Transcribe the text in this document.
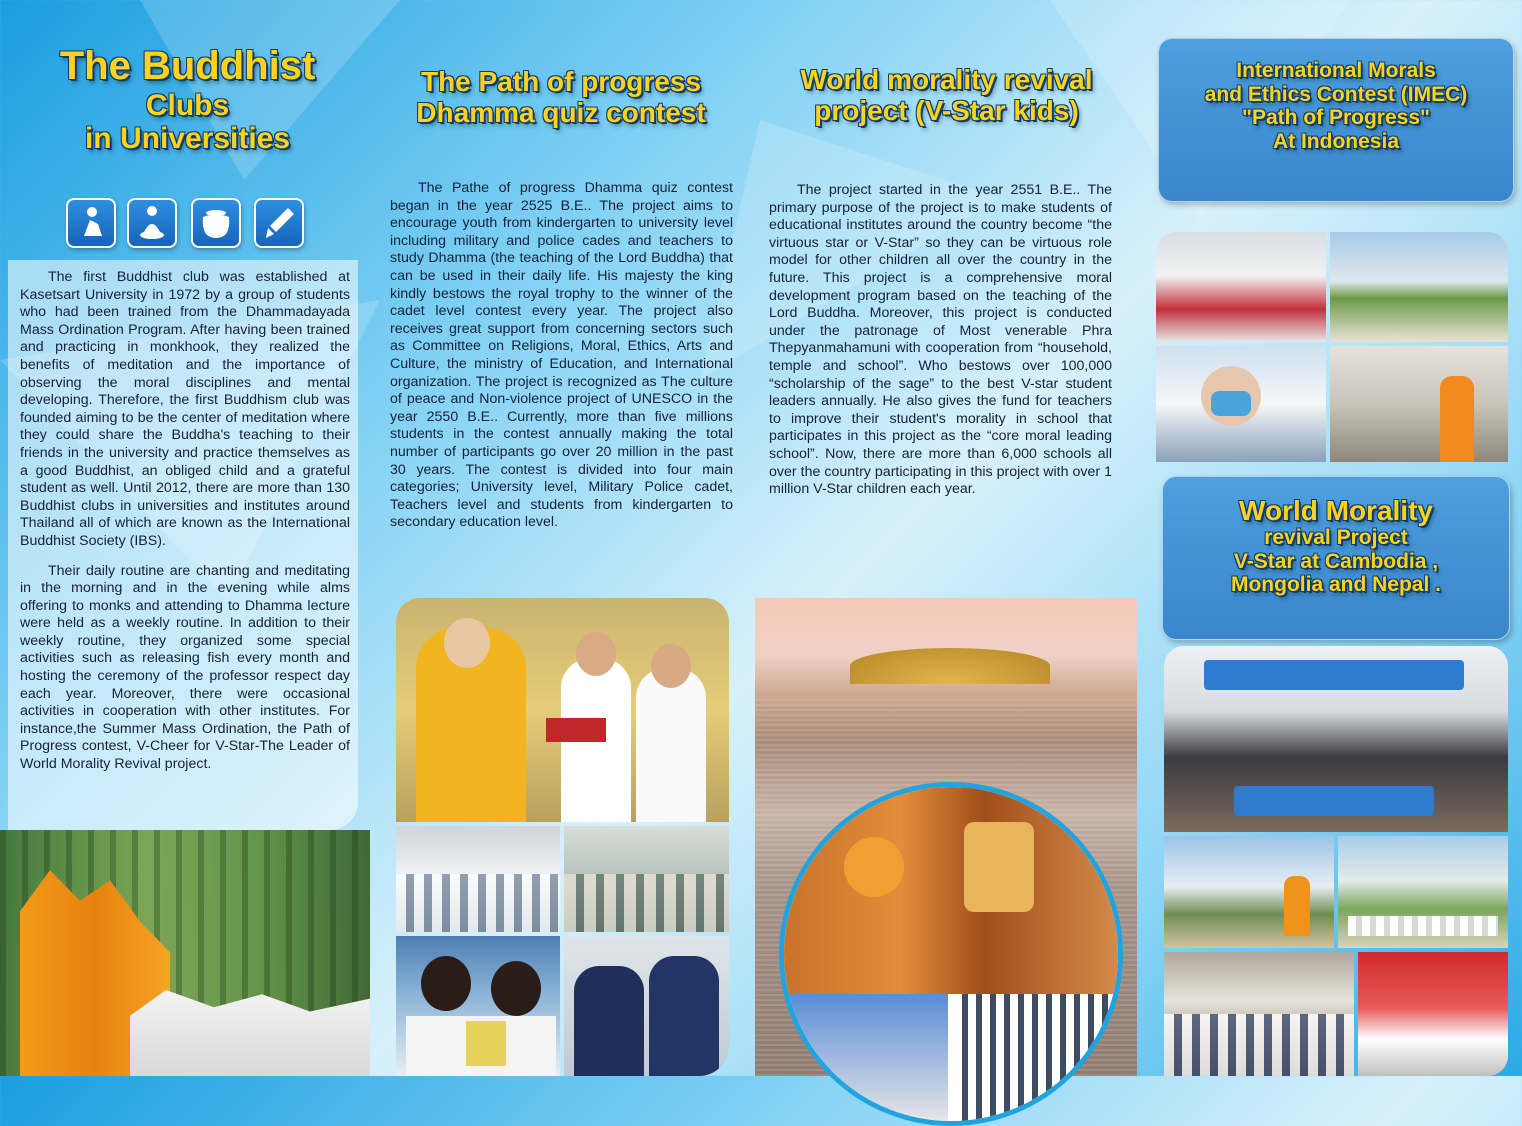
The Buddhist
Clubs
in Universities

The first Buddhist club was established at Kasetsart University in 1972 by a group of students who had been trained from the Dhammadayada Mass Ordination Program. After having been trained and practicing in monkhook, they realized the benefits of meditation and the importance of observing the moral disciplines and mental developing. Therefore, the first Buddhism club was founded aiming to be the center of meditation where they could share the Buddha's teaching to their friends in the university and practice themselves as a good Buddhist, an obliged child and a grateful student as well. Until 2012, there are more than 130 Buddhist clubs in universities and institutes around Thailand all of which are known as the International Buddhist Society (IBS).

Their daily routine are chanting and meditating in the morning and in the evening while alms offering to monks and attending to Dhamma lecture were held as a weekly routine. In addition to their weekly routine, they organized some special activities such as releasing fish every month and hosting the ceremony of the professor respect day each year. Moreover, there were occasional activities in cooperation with other institutes. For instance,the Summer Mass Ordination, the Path of Progress contest, V-Cheer for V-Star-The Leader of World Morality Revival project.

The Path of progress
Dhamma quiz contest

The Pathe of progress Dhamma quiz contest began in the year 2525 B.E.. The project aims to encourage youth from kindergarten to university level including military and police cades and teachers to study Dhamma (the teaching of the Lord Buddha) that can be used in their daily life. His majesty the king kindly bestows the royal trophy to the winner of the cadet level contest every year. The project also receives great support from concerning sectors such as Committee on Religions, Moral, Ethics, Arts and Culture, the ministry of Education, and International organization. The project is recognized as The culture of peace and Non-violence project of UNESCO in the year 2550 B.E.. Currently, more than five millions students in the contest annually making the total number of participants go over 20 million in the past 30 years. The contest is divided into four main categories; University level, Military Police cadet, Teachers level and students from kindergarten to secondary education level.

World morality revival
project (V-Star kids)

The project started in the year 2551 B.E.. The primary purpose of the project is to make students of educational institutes around the country become “the virtuous star or V-Star” so they can be virtuous role model for other children all over the country in the future. This project is a comprehensive moral development program based on the teaching of the Lord Buddha. Moreover, this project is conducted under the patronage of Most venerable Phra Thepyanmahamuni with cooperation from “household, temple and school”. Who bestows over 100,000 “scholarship of the sage” to the best V-star student leaders annually. He also gives the fund for teachers to improve their student's morality in school that participates in this project as the “core moral leading school”. Now, there are more than 6,000 schools all over the country participating in this project with over 1 million V-Star children each year.

International Morals
and Ethics Contest (IMEC)
"Path of Progress"
At Indonesia
World Morality
revival Project
V-Star at Cambodia ,
Mongolia and Nepal .
